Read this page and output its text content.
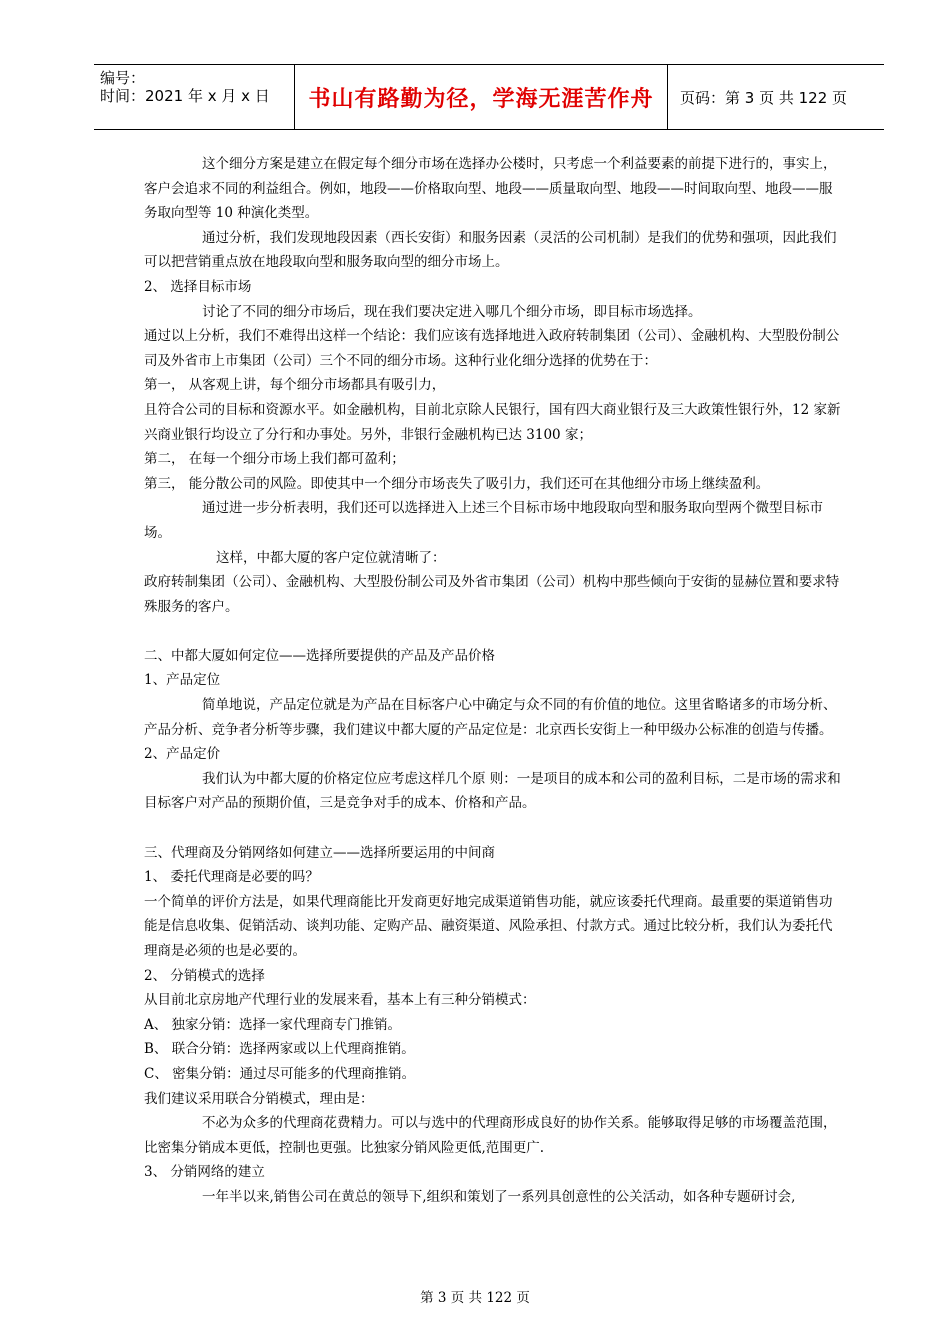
编号：
时间：2021 年 x 月 x 日 书山有路勤为径，学海无涯苦作舟 页码：第 3 页 共 122 页

这个细分方案是建立在假定每个细分市场在选择办公楼时，只考虑一个利益要素的前提下进行的，事实上，客户会追求不同的利益组合。例如，地段——价格取向型、地段——质量取向型、地段——时间取向型、地段——服务取向型等 10 种演化类型。

通过分析，我们发现地段因素（西长安街）和服务因素（灵活的公司机制）是我们的优势和强项，因此我们可以把营销重点放在地段取向型和服务取向型的细分市场上。

2、 选择目标市场

讨论了不同的细分市场后，现在我们要决定进入哪几个细分市场，即目标市场选择。

通过以上分析，我们不难得出这样一个结论：我们应该有选择地进入政府转制集团（公司）、金融机构、大型股份制公司及外省市上市集团（公司）三个不同的细分市场。这种行业化细分选择的优势在于：

第一， 从客观上讲，每个细分市场都具有吸引力，

且符合公司的目标和资源水平。如金融机构，目前北京除人民银行，国有四大商业银行及三大政策性银行外，12 家新兴商业银行均设立了分行和办事处。另外，非银行金融机构已达 3100 家；

第二， 在每一个细分市场上我们都可盈利；

第三， 能分散公司的风险。即使其中一个细分市场丧失了吸引力，我们还可在其他细分市场上继续盈利。

通过进一步分析表明，我们还可以选择进入上述三个目标市场中地段取向型和服务取向型两个微型目标市场。

这样，中都大厦的客户定位就清晰了：

政府转制集团（公司）、金融机构、大型股份制公司及外省市集团（公司）机构中那些倾向于安街的显赫位置和要求特殊服务的客户。

二、中都大厦如何定位——选择所要提供的产品及产品价格

1、产品定位

简单地说，产品定位就是为产品在目标客户心中确定与众不同的有价值的地位。这里省略诸多的市场分析、产品分析、竞争者分析等步骤，我们建议中都大厦的产品定位是：北京西长安街上一种甲级办公标准的创造与传播。

2、产品定价

我们认为中都大厦的价格定位应考虑这样几个原 则：一是项目的成本和公司的盈利目标，二是市场的需求和目标客户对产品的预期价值，三是竞争对手的成本、价格和产品。

三、代理商及分销网络如何建立——选择所要运用的中间商

1、 委托代理商是必要的吗？

一个简单的评价方法是，如果代理商能比开发商更好地完成渠道销售功能，就应该委托代理商。最重要的渠道销售功能是信息收集、促销活动、谈判功能、定购产品、融资渠道、风险承担、付款方式。通过比较分析，我们认为委托代理商是必须的也是必要的。

2、 分销模式的选择

从目前北京房地产代理行业的发展来看，基本上有三种分销模式：

A、 独家分销：选择一家代理商专门推销。

B、 联合分销：选择两家或以上代理商推销。

C、 密集分销：通过尽可能多的代理商推销。

我们建议采用联合分销模式，理由是：

不必为众多的代理商花费精力。可以与选中的代理商形成良好的协作关系。能够取得足够的市场覆盖范围，比密集分销成本更低，控制也更强。比独家分销风险更低,范围更广.

3、 分销网络的建立

一年半以来,销售公司在黄总的领导下,组织和策划了一系列具创意性的公关活动，如各种专题研讨会,

第 3 页 共 122 页
